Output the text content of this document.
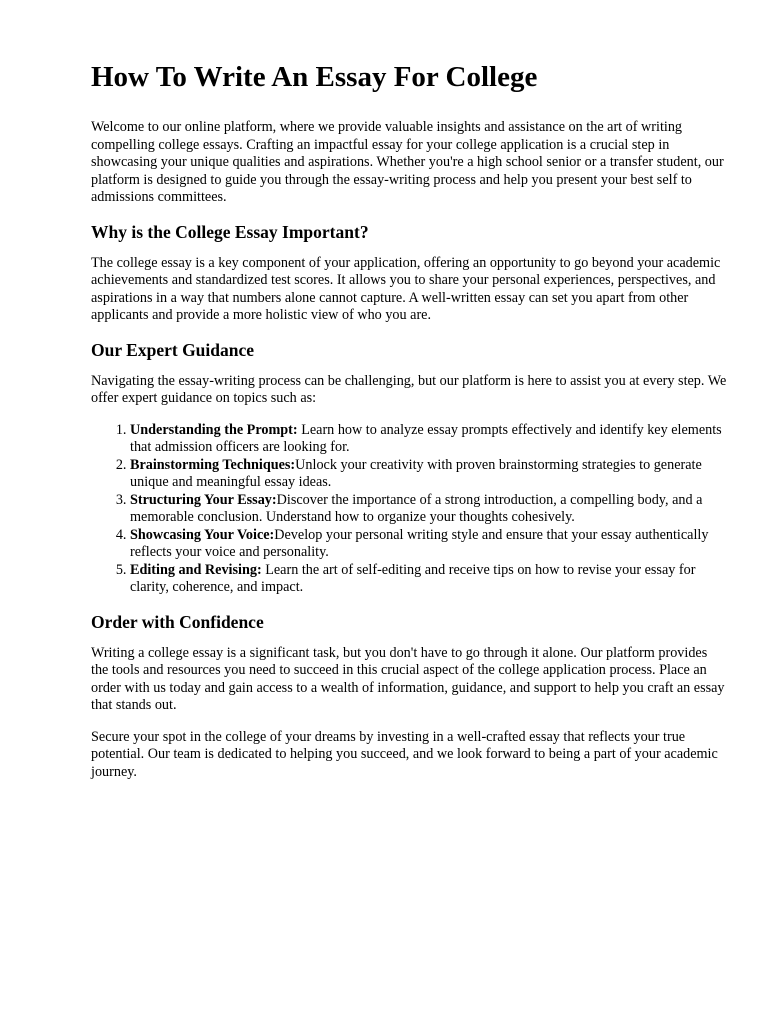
How To Write An Essay For College

Welcome to our online platform, where we provide valuable insights and assistance on the art of writing compelling college essays. Crafting an impactful essay for your college application is a crucial step in showcasing your unique qualities and aspirations. Whether you're a high school senior or a transfer student, our platform is designed to guide you through the essay-writing process and help you present your best self to admissions committees.

Why is the College Essay Important?

The college essay is a key component of your application, offering an opportunity to go beyond your academic achievements and standardized test scores. It allows you to share your personal experiences, perspectives, and aspirations in a way that numbers alone cannot capture. A well-written essay can set you apart from other applicants and provide a more holistic view of who you are.

Our Expert Guidance

Navigating the essay-writing process can be challenging, but our platform is here to assist you at every step. We offer expert guidance on topics such as:

1. Understanding the Prompt: Learn how to analyze essay prompts effectively and identify key elements that admission officers are looking for.
2. Brainstorming Techniques:Unlock your creativity with proven brainstorming strategies to generate unique and meaningful essay ideas.
3. Structuring Your Essay:Discover the importance of a strong introduction, a compelling body, and a memorable conclusion. Understand how to organize your thoughts cohesively.
4. Showcasing Your Voice:Develop your personal writing style and ensure that your essay authentically reflects your voice and personality.
5. Editing and Revising: Learn the art of self-editing and receive tips on how to revise your essay for clarity, coherence, and impact.
Order with Confidence

Writing a college essay is a significant task, but you don't have to go through it alone. Our platform provides the tools and resources you need to succeed in this crucial aspect of the college application process. Place an order with us today and gain access to a wealth of information, guidance, and support to help you craft an essay that stands out.

Secure your spot in the college of your dreams by investing in a well-crafted essay that reflects your true potential. Our team is dedicated to helping you succeed, and we look forward to being a part of your academic journey.
